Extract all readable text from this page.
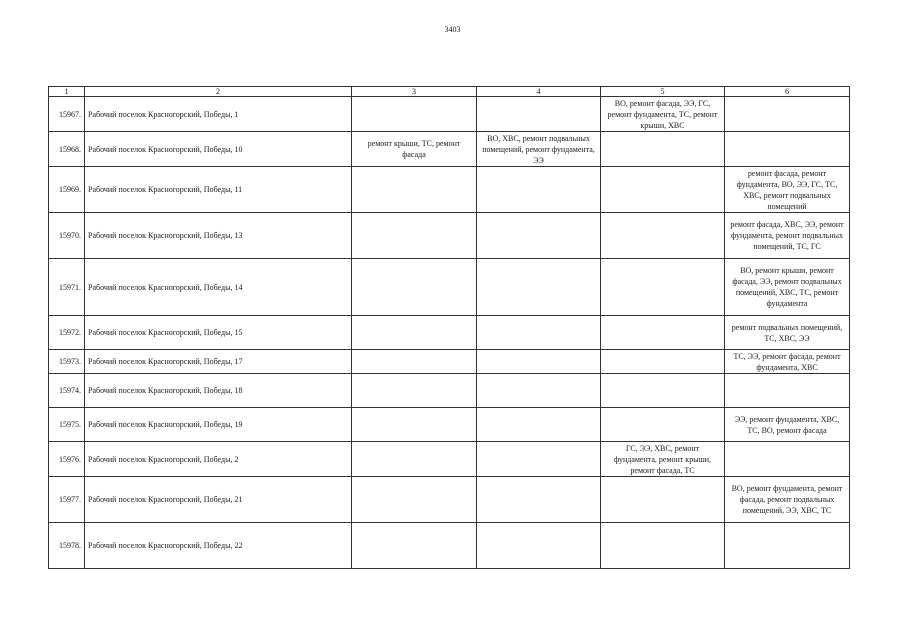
3403
1	2	3	4	5	6
15967.	Рабочий поселок Красногорский, Победы, 1			ВО, ремонт фасада, ЭЭ, ГС, ремонт фундамента, ТС, ремонт крыши, ХВС	
15968.	Рабочий поселок Красногорский, Победы, 10	ремонт крыши, ТС, ремонт фасада	ВО, ХВС, ремонт подвальных помещений, ремонт фундамента, ЭЭ		
15969.	Рабочий поселок Красногорский, Победы, 11				ремонт фасада, ремонт фундамента, ВО, ЭЭ, ГС, ТС, ХВС, ремонт подвальных помещений
15970.	Рабочий поселок Красногорский, Победы, 13				ремонт фасада, ХВС, ЭЭ, ремонт фундамента, ремонт подвальных помещений, ТС, ГС
15971.	Рабочий поселок Красногорский, Победы, 14				ВО, ремонт крыши, ремонт фасада, ЭЭ, ремонт подвальных помещений, ХВС, ТС, ремонт фундамента
15972.	Рабочий поселок Красногорский, Победы, 15				ремонт подвальных помещений, ТС, ХВС, ЭЭ
15973.	Рабочий поселок Красногорский, Победы, 17				ТС, ЭЭ, ремонт фасада, ремонт фундамента, ХВС
15974.	Рабочий поселок Красногорский, Победы, 18				
15975.	Рабочий поселок Красногорский, Победы, 19				ЭЭ, ремонт фундамента, ХВС, ТС, ВО, ремонт фасада
15976.	Рабочий поселок Красногорский, Победы, 2			ГС, ЭЭ, ХВС, ремонт фундамента, ремонт крыши, ремонт фасада, ТС	
15977.	Рабочий поселок Красногорский, Победы, 21				ВО, ремонт фундамента, ремонт фасада, ремонт подвальных помещений, ЭЭ, ХВС, ТС
15978.	Рабочий поселок Красногорский, Победы, 22				
